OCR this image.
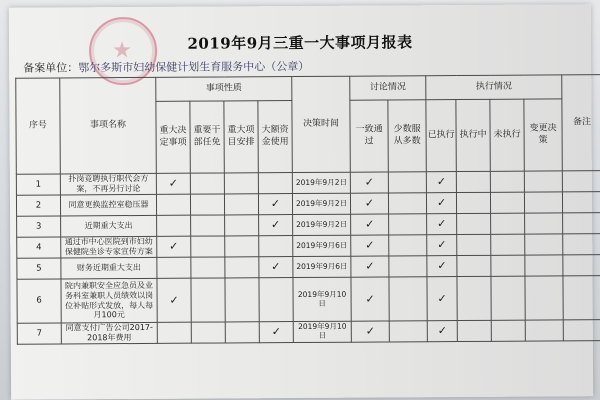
2019年9月三重一大事项月报表
备案单位：鄂尔多斯市妇幼保健计划生育服务中心（公章）
序号	事项名称	事项性质				决策时间	讨论情况		执行情况				备注
		重大决定事项	重要干部任免	重大项目安排	大额资金使用		一致通过	少数服从多数	已执行	执行中	未执行	变更决策	
1	扑岗竞聘执行职代会方案，不再另行讨论	✓				2019年9月2日	✓		✓				
2	同意更换监控室稳压器				✓	2019年9月2日	✓		✓				
3	近期重大支出				✓	2019年9月2日	✓		✓				
4	通过市中心医院到市妇幼保健院坐诊专家宣传方案	✓				2019年9月6日	✓		✓				
5	财务近期重大支出				✓	2019年9月6日	✓		✓				
6	院内兼职安全应急员及业务科室兼职人员绩效以岗位补贴形式发放，每人每月100元	✓				2019年9月10日	✓		✓				
7	同意支付广告公司2017-2018年费用				✓	2019年9月10日	✓		✓				
